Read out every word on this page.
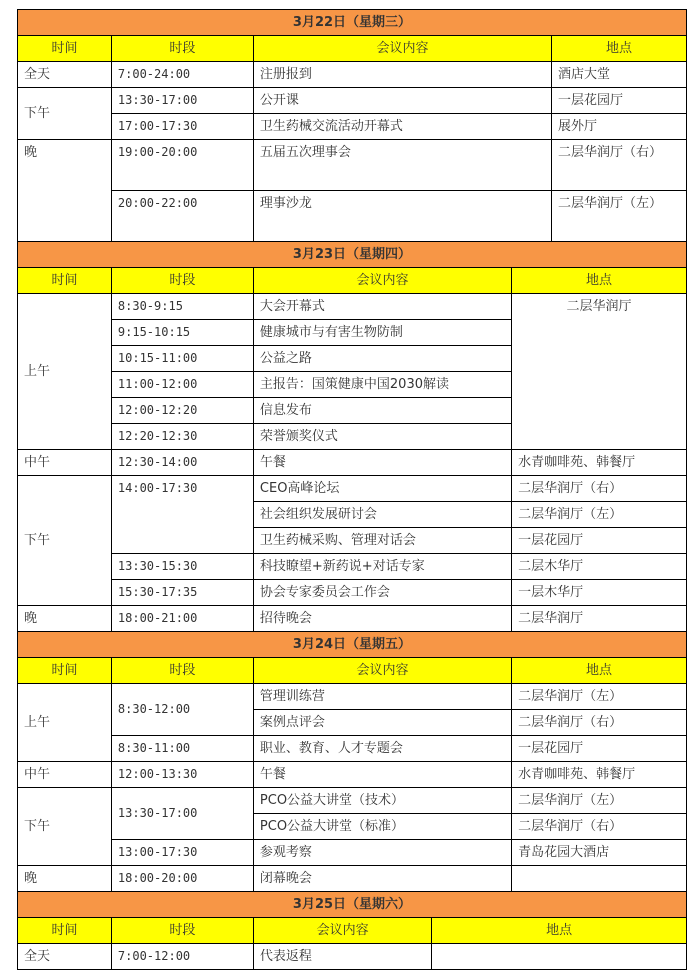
3月22日（星期三）					
时间	时段	会议内容			地点
全天	7:00-24:00	注册报到			酒店大堂
下午	13:30-17:00	公开课			一层花园厅
	17:00-17:30	卫生药械交流活动开幕式			展外厅
晚	19:00-20:00	五届五次理事会			二层华润厅（右）
	20:00-22:00	理事沙龙			二层华润厅（左）
3月23日（星期四）					
时间	时段	会议内容		地点	
上午	8:30-9:15	大会开幕式		二层华润厅	
	9:15-10:15	健康城市与有害生物防制			
	10:15-11:00	公益之路			
	11:00-12:00	主报告：国策健康中国2030解读			
	12:00-12:20	信息发布			
	12:20-12:30	荣誉颁奖仪式			
中午	12:30-14:00	午餐		水青咖啡苑、韩餐厅	
下午	14:00-17:30	CEO高峰论坛		二层华润厅（右）	
		社会组织发展研讨会		二层华润厅（左）	
		卫生药械采购、管理对话会		一层花园厅	
	13:30-15:30	科技瞭望+新药说+对话专家		二层木华厅	
	15:30-17:35	协会专家委员会工作会		一层木华厅	
晚	18:00-21:00	招待晚会		二层华润厅	
3月24日（星期五）					
时间	时段	会议内容		地点	
上午	8:30-12:00	管理训练营		二层华润厅（左）	
		案例点评会		二层华润厅（右）	
	8:30-11:00	职业、教育、人才专题会		一层花园厅	
中午	12:00-13:30	午餐		水青咖啡苑、韩餐厅	
下午	13:30-17:00	PCO公益大讲堂（技术）		二层华润厅（左）	
		PCO公益大讲堂（标准）		二层华润厅（右）	
	13:00-17:30	参观考察		青岛花园大酒店	
晚	18:00-20:00	闭幕晚会			
3月25日（星期六）					
时间	时段	会议内容	地点		
全天	7:00-12:00	代表返程			
